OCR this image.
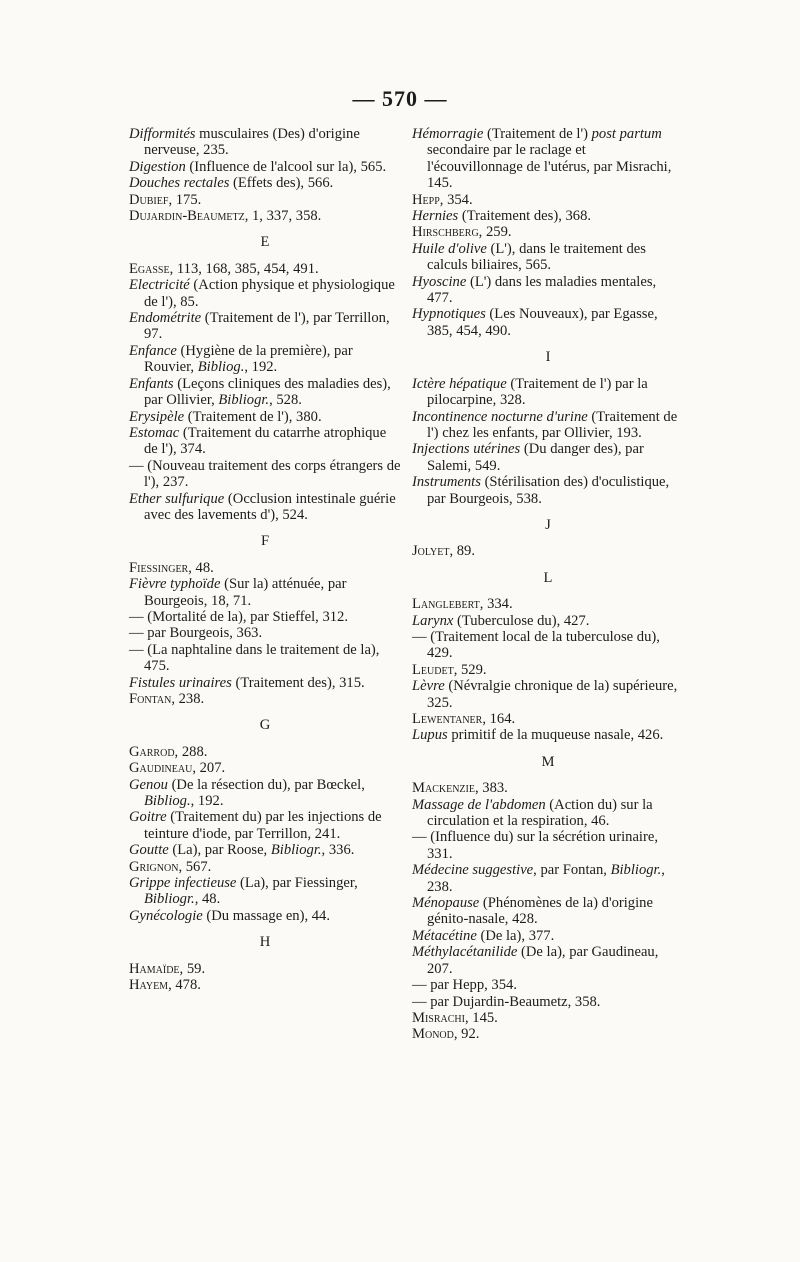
— 570 —
Difformités musculaires (Des) d'origine nerveuse, 235.
Digestion (Influence de l'alcool sur la), 565.
Douches rectales (Effets des), 566.
Dubief, 175.
Dujardin-Beaumetz, 1, 337, 358.
E
Egasse, 113, 168, 385, 454, 491.
Electricité (Action physique et physiologique de l'), 85.
Endométrite (Traitement de l'), par Terrillon, 97.
Enfance (Hygiène de la première), par Rouvier, Bibliog., 192.
Enfants (Leçons cliniques des maladies des), par Ollivier, Bibliogr., 528.
Erysipèle (Traitement de l'), 380.
Estomac (Traitement du catarrhe atrophique de l'), 374.
— (Nouveau traitement des corps étrangers de l'), 237.
Ether sulfurique (Occlusion intestinale guérie avec des lavements d'), 524.
F
Fiessinger, 48.
Fièvre typhoïde (Sur la) atténuée, par Bourgeois, 18, 71.
— (Mortalité de la), par Stieffel, 312.
— par Bourgeois, 363.
— (La naphtaline dans le traitement de la), 475.
Fistules urinaires (Traitement des), 315.
Fontan, 238.
G
Garrod, 288.
Gaudineau, 207.
Genou (De la résection du), par Bœckel, Bibliog., 192.
Goitre (Traitement du) par les injections de teinture d'iode, par Terrillon, 241.
Goutte (La), par Roose, Bibliogr., 336.
Grignon, 567.
Grippe infectieuse (La), par Fiessinger, Bibliogr., 48.
Gynécologie (Du massage en), 44.
H
Hamaïde, 59.
Hayem, 478.
Hémorragie (Traitement de l') post partum secondaire par le raclage et l'écouvillonnage de l'utérus, par Misrachi, 145.
Hepp, 354.
Hernies (Traitement des), 368.
Hirschberg, 259.
Huile d'olive (L'), dans le traitement des calculs biliaires, 565.
Hyoscine (L') dans les maladies mentales, 477.
Hypnotiques (Les Nouveaux), par Egasse, 385, 454, 490.
I
Ictère hépatique (Traitement de l') par la pilocarpine, 328.
Incontinence nocturne d'urine (Traitement de l') chez les enfants, par Ollivier, 193.
Injections utérines (Du danger des), par Salemi, 549.
Instruments (Stérilisation des) d'oculistique, par Bourgeois, 538.
J
Jolyet, 89.
L
Langlebert, 334.
Larynx (Tuberculose du), 427.
— (Traitement local de la tuberculose du), 429.
Leudet, 529.
Lèvre (Névralgie chronique de la) supérieure, 325.
Lewentaner, 164.
Lupus primitif de la muqueuse nasale, 426.
M
Mackenzie, 383.
Massage de l'abdomen (Action du) sur la circulation et la respiration, 46.
— (Influence du) sur la sécrétion urinaire, 331.
Médecine suggestive, par Fontan, Bibliogr., 238.
Ménopause (Phénomènes de la) d'origine génito-nasale, 428.
Métacétine (De la), 377.
Méthylacétanilide (De la), par Gaudineau, 207.
— par Hepp, 354.
— par Dujardin-Beaumetz, 358.
Misrachi, 145.
Monod, 92.
